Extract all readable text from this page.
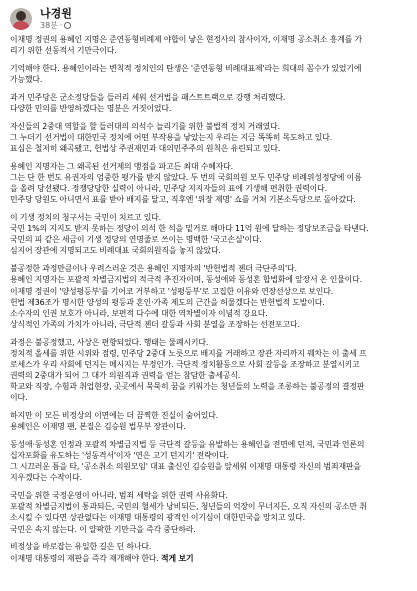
나경원
38분 ·
이재명 정권의 용혜인 지명은 준연동형비례제 야합이 낳은 현정사의 참사이자, 이재명 공소취소 흥계를 가
리기 위한 선동적서 기만극이다.
기억해야 한다. 용혜인이라는 변칙적 정치인의 탄생은 '준연동형 비례대표제'라는 희대의 꼼수가 있었기에
가능했다.
과거 민주당은 군소정당들을 들러리 세워 선거법을 패스트트랙으로 강행 처리했다.
다양한 민의를 반영하겠다는 명분은 거짓이었다.
자신들의 2중대 역할을 할 들러대의 의석수 늘리기를 위한 불법적 정치 거래였다.
그 누더기 선거법이 대한민국 정치에 어떤 부작용을 낳았는지 우리는 지금 똑똑히 목도하고 있다.
표심은 철저히 왜곡됐고, 헌법상 주권재민과 대의민주주의 원칙은 유린되고 있다.
용혜인 지명자는 그 왜곡된 선거제의 맹점을 파고든 최대 수혜자다.
그는 단 한 번도 유권자의 엄중한 평가를 받지 않았다. 두 번의 국회의원 모두 민주당 비례위성정당에 이름
을 올려 당선됐다. 정쟁당당한 실력이 아니라, 민주당 지지자들의 표에 기생해 편취한 권력이다.
민주당 당원도 아니면서 표를 받아 배지를 달고, 직후엔 '위장 제명' 쇼를 거쳐 기본소득당으로 돌아갔다.
이 기생 정치의 청구서는 국민이 치르고 있다.
국민 1%의 지지도 받지 못하는 정당이 의석 한 석을 밑거로 해마다 11억 원에 달하는 정당보조금을 타낸다.
국민의 피 같은 세금이 기생 정당의 연명줄로 쓰이는 명백한 '국고손실'이다.
심지어 장관에 지명되고도 비례대표 국회의원직을 놓지 않았다.
불공정한 과정만큼이나 우려스러운 것은 용혜인 지명자의 '반헌법적 젠더 극단주의'다.
용혜인 지명자는 포괄적 차별금지법의 적극적 추진자이며, 동성애와 동성혼 합법화에 앞장서 온 인물이다.
이재명 정권이 '양성평등부'를 기어코 거부하고 '성평등부'로 고집한 이유와 연장선상으로 보인다.
헌법 제36조가 명시한 양성의 평등과 혼인·가족 제도의 근간을 허물겠다는 반헌법적 도발이다.
소수자의 인권 보호가 아니라, 보편적 다수에 대한 역차별이자 이념적 강요다.
상식적인 가족의 가치가 아니라, 극단적 젠더 갈등과 사회 분열을 조장하는 선전포고다.
과정은 불공정했고, 사상은 편향되었다. 행태는 물폐시키다.
정치적 올세를 위한 시위와 점령, 민주당 2중대 노릇으로 배지를 거래하고 장관 자리까지 꿰차는 이 출세 프
로세스가 우리 사회에 던지는 메시지는 부정인가. 극단적 정치활동으로 사회 갈등을 조장하고 분열시키고
권력의 2중대가 되어 그 대가 의원직과 권력을 얻는 참담한 출세공식.
학교와 직장, 수험과 취업현장, 곳곳에서 묵묵히 꿈을 키워가는 청년들의 노력을 조롱하는 불공정의 결정판
이다.
하지만 이 모든 비정상의 이면에는 더 끔찍한 진실이 숨어있다.
용혜인은 이재명 팬, 본질은 김승원 법무부 장관이다.
동성애·동성혼 인정과 포괄적 차별금지법 등 극단적 갈등을 유발하는 용혜인을 전면에 던져, 국민과 언론의
십자포화를 유도하는 '성동격서'이자 '연은 고기 던지기' 전략이다.
그 시끄러운 틈을 타, '공소취소 의원모임' 대표 출신인 김승원을 앞세워 이재명 대통령 자신의 범죄재판을
지우겠다는 수작이다.
국민을 위한 국정운영이 아니라, 범죄 세탁을 위한 권력 사유화다.
포괄적 차별금지법이 통과되든, 국민의 혈세가 낭비되든, 청년들의 억장이 무너지든, 오직 자신의 공소만 취
소시킬 수 있다면 상관없다는 이재명 대통령의 광적인 이기심이 대한민국을 망치고 있다.
국민은 속지 않는다. 이 얄팍한 기만극을 즉각 중단하라.
비정상을 바로잡는 유일한 길은 딘 하나다.
이재명 대통령의 재판을 즉각 재개해야 한다. 적게 보기
